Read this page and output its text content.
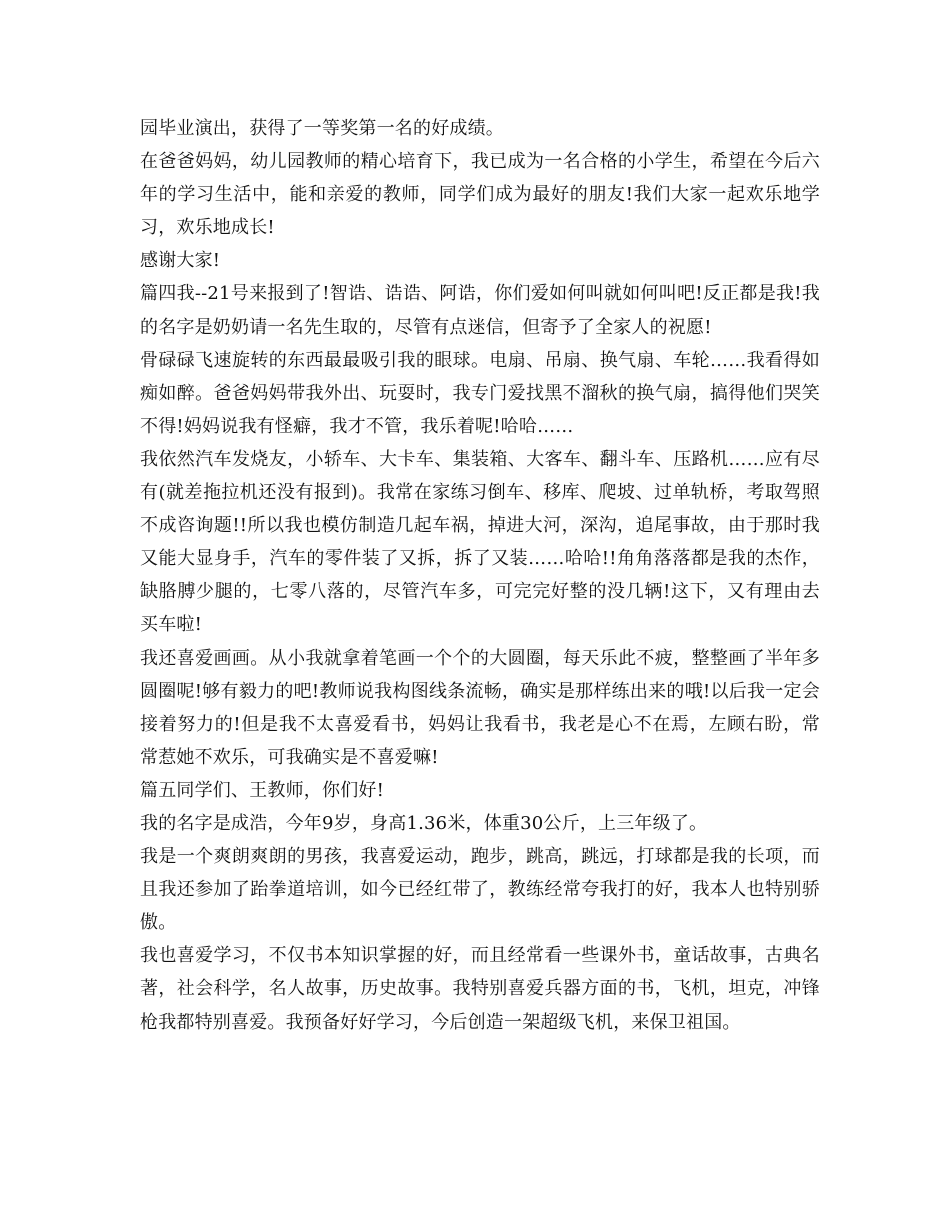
园毕业演出，获得了一等奖第一名的好成绩。

在爸爸妈妈，幼儿园教师的精心培育下，我已成为一名合格的小学生，希望在今后六年的学习生活中，能和亲爱的教师，同学们成为最好的朋友!我们大家一起欢乐地学习，欢乐地成长!

感谢大家!

篇四我--21号来报到了!智诰、诰诰、阿诰，你们爱如何叫就如何叫吧!反正都是我!我的名字是奶奶请一名先生取的，尽管有点迷信，但寄予了全家人的祝愿!

骨碌碌飞速旋转的东西最最吸引我的眼球。电扇、吊扇、换气扇、车轮……我看得如痴如醉。爸爸妈妈带我外出、玩耍时，我专门爱找黑不溜秋的换气扇，搞得他们哭笑不得!妈妈说我有怪癖，我才不管，我乐着呢!哈哈……

我依然汽车发烧友，小轿车、大卡车、集装箱、大客车、翻斗车、压路机……应有尽有(就差拖拉机还没有报到)。我常在家练习倒车、移库、爬坡、过单轨桥，考取驾照不成咨询题!!所以我也模仿制造几起车祸，掉进大河，深沟，追尾事故，由于那时我又能大显身手，汽车的零件装了又拆，拆了又装……哈哈!!角角落落都是我的杰作，缺胳膊少腿的，七零八落的，尽管汽车多，可完完好整的没几辆!这下，又有理由去买车啦!

我还喜爱画画。从小我就拿着笔画一个个的大圆圈，每天乐此不疲，整整画了半年多圆圈呢!够有毅力的吧!教师说我构图线条流畅，确实是那样练出来的哦!以后我一定会接着努力的!但是我不太喜爱看书，妈妈让我看书，我老是心不在焉，左顾右盼，常常惹她不欢乐，可我确实是不喜爱嘛!

篇五同学们、王教师，你们好!

我的名字是成浩，今年9岁，身高1.36米，体重30公斤，上三年级了。

我是一个爽朗爽朗的男孩，我喜爱运动，跑步，跳高，跳远，打球都是我的长项，而且我还参加了跆拳道培训，如今已经红带了，教练经常夸我打的好，我本人也特别骄傲。

我也喜爱学习，不仅书本知识掌握的好，而且经常看一些课外书，童话故事，古典名著，社会科学，名人故事，历史故事。我特别喜爱兵器方面的书，飞机，坦克，冲锋枪我都特别喜爱。我预备好好学习，今后创造一架超级飞机，来保卫祖国。
